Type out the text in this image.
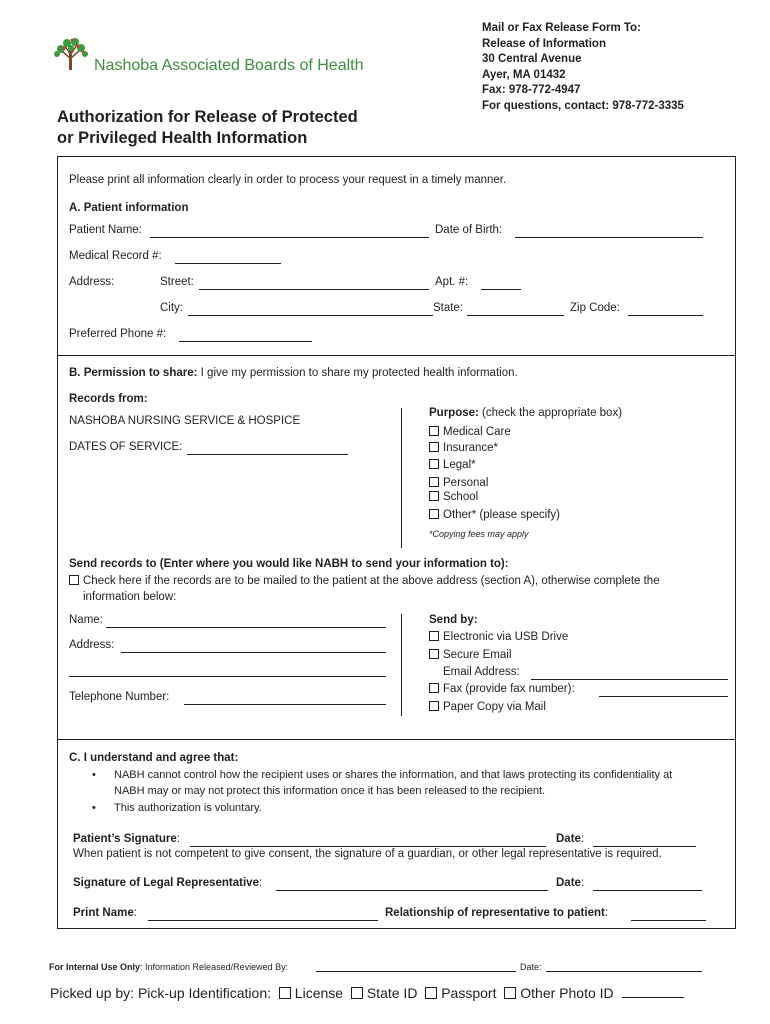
Nashoba Associated Boards of Health
Authorization for Release of Protected
or Privileged Health Information
Mail or Fax Release Form To:
Release of Information
30 Central Avenue
Ayer, MA 01432
Fax: 978-772-4947
For questions, contact: 978-772-3335
Please print all information clearly in order to process your request in a timely manner.
A. Patient information
Patient Name:	Date of Birth:
Medical Record #:
Address:	Street:	Apt. #:
City:	State:	Zip Code:
Preferred Phone #:
B. Permission to share: I give my permission to share my protected health information.
Records from:
NASHOBA NURSING SERVICE & HOSPICE
DATES OF SERVICE:
Purpose: (check the appropriate box)
Medical Care
Insurance*
Legal*
Personal
School
Other* (please specify)
*Copying fees may apply
Send records to (Enter where you would like NABH to send your information to):
Check here if the records are to be mailed to the patient at the above address (section A), otherwise complete the
information below:
Name:
Address:
Telephone Number:
Send by:
Electronic via USB Drive
Secure Email
Email Address:
Fax (provide fax number):
Paper Copy via Mail
C. I understand and agree that:
• NABH cannot control how the recipient uses or shares the information, and that laws protecting its confidentiality at
NABH may or may not protect this information once it has been released to the recipient.
• This authorization is voluntary.
Patient’s Signature:	Date:
When patient is not competent to give consent, the signature of a guardian, or other legal representative is required.
Signature of Legal Representative:	Date:
Print Name:	Relationship of representative to patient:
For Internal Use Only: Information Released/Reviewed By:	Date:
Picked up by: Pick-up Identification: License State ID Passport Other Photo ID
